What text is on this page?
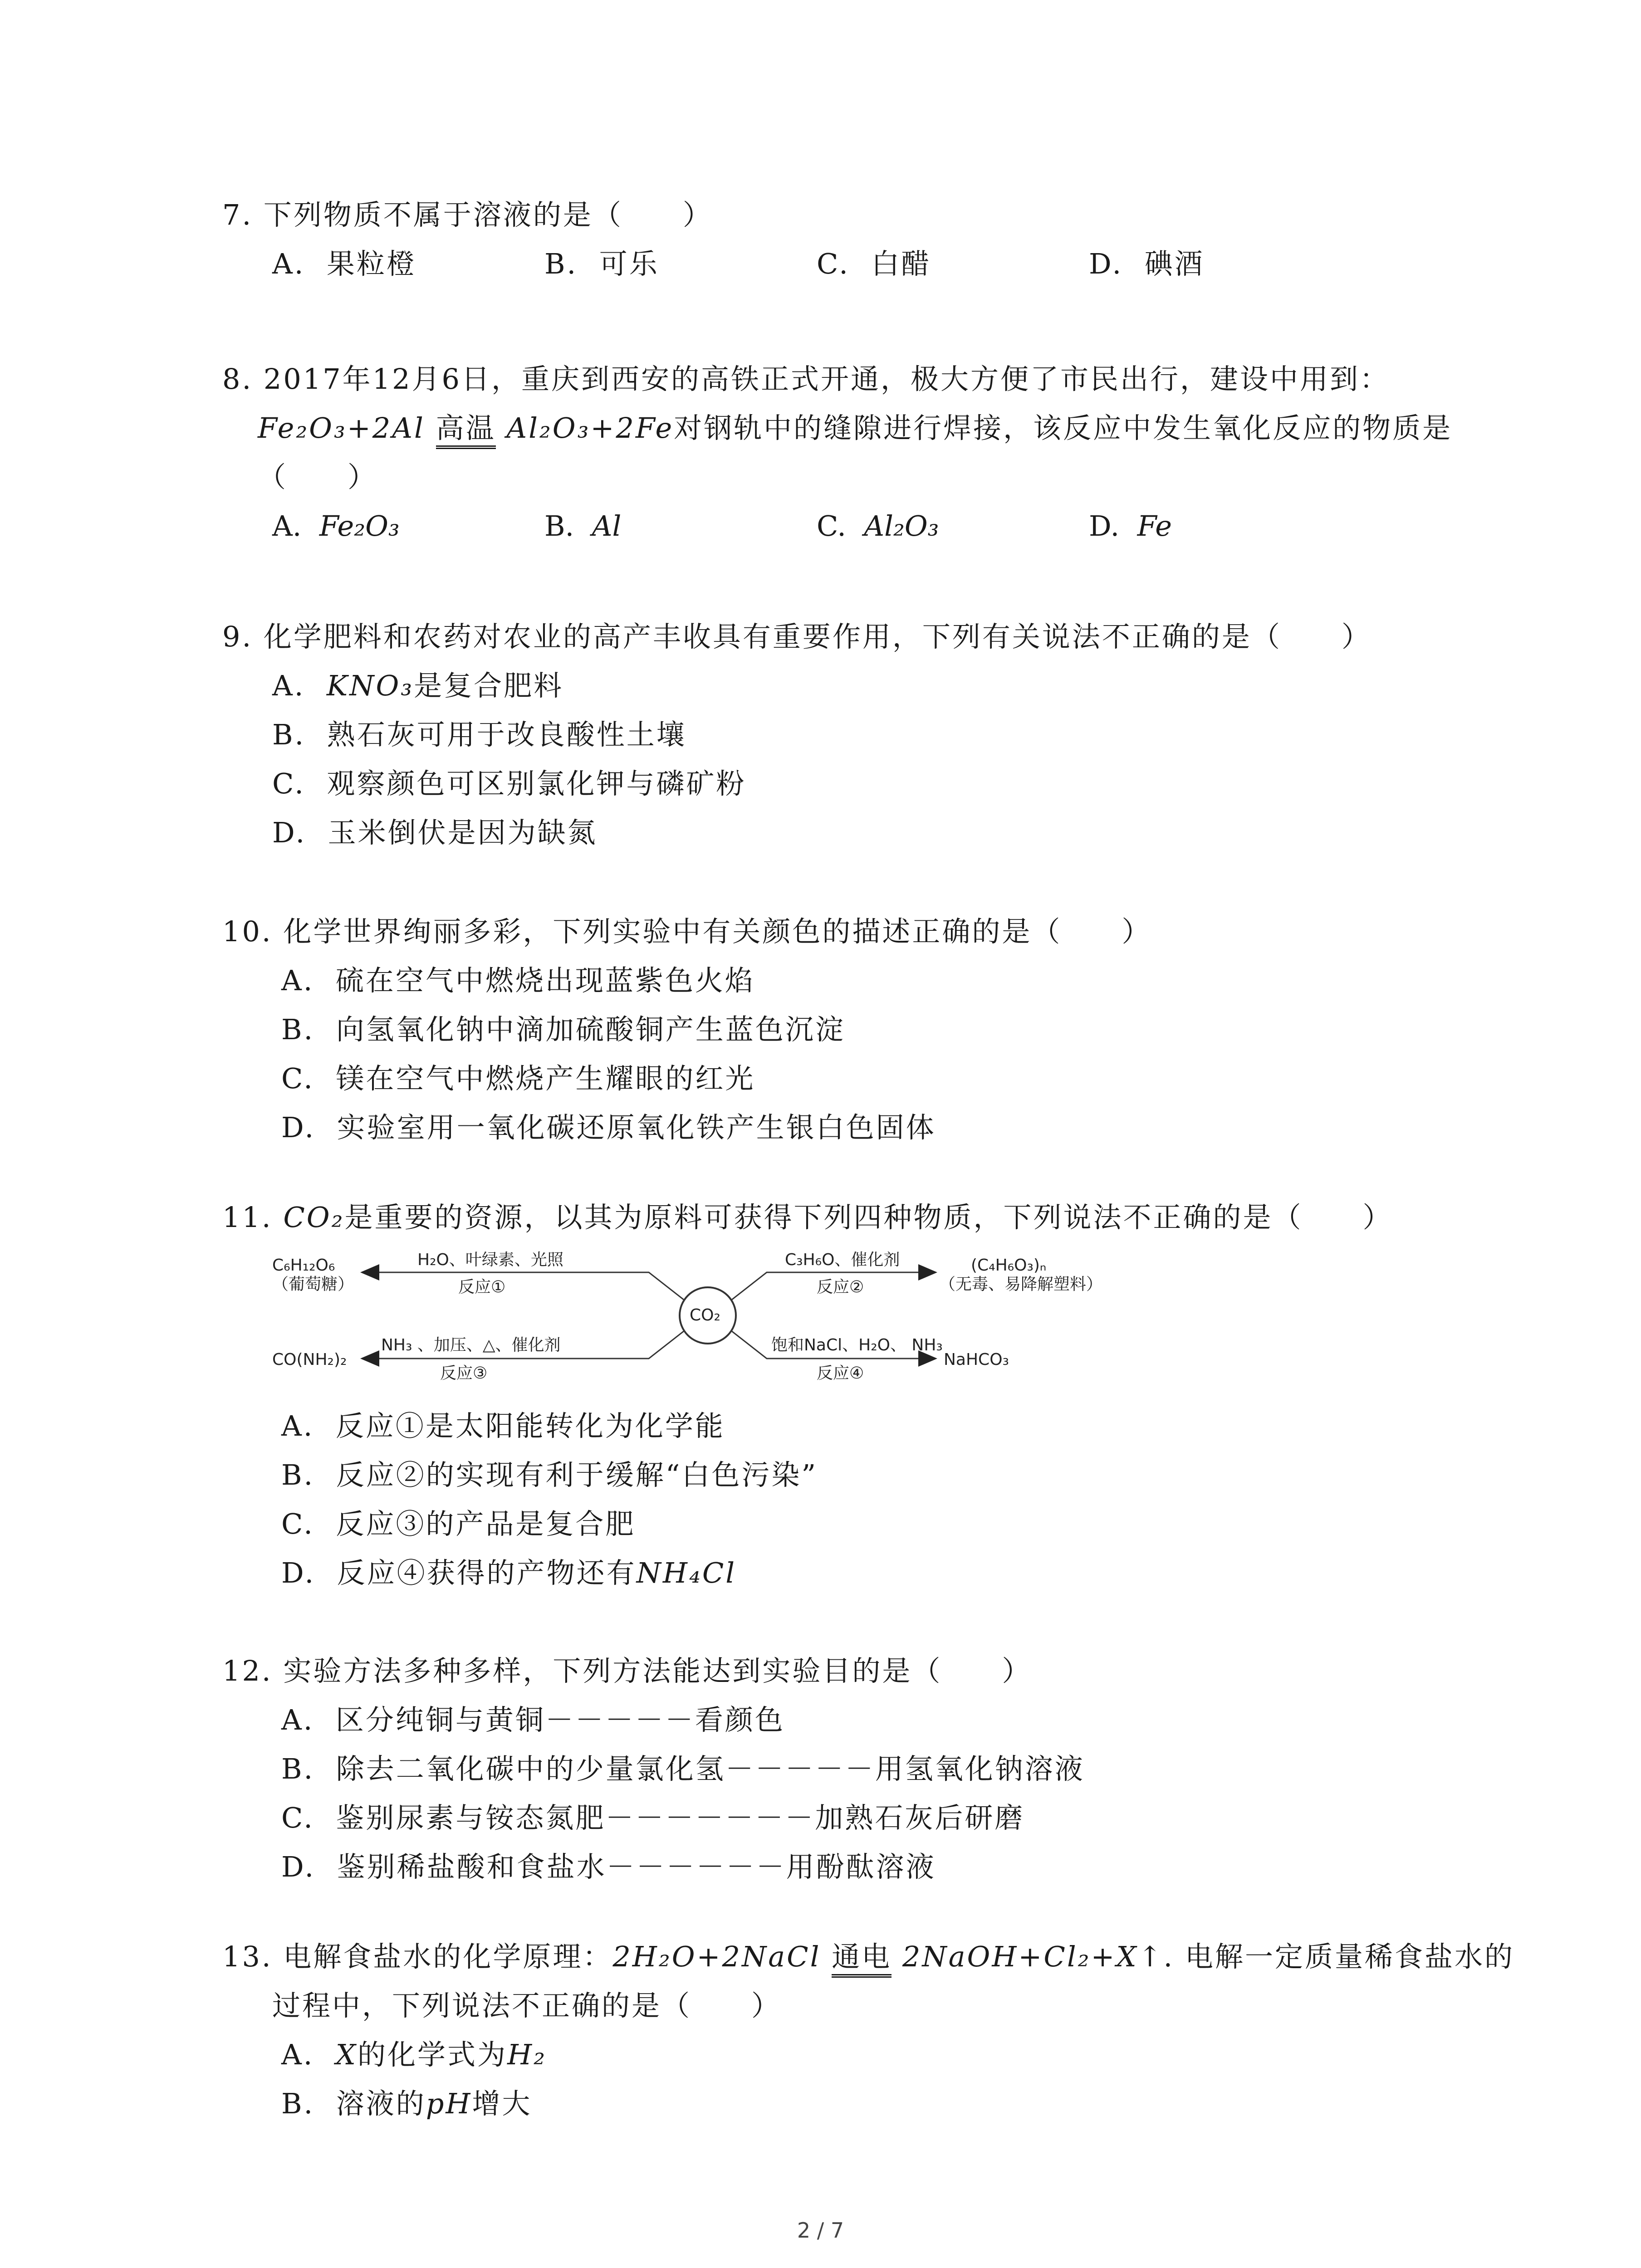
7. 下列物质不属于溶液的是（　　）
A. 果粒橙	B. 可乐	C. 白醋	D. 碘酒
8. 2017年12月6日，重庆到西安的高铁正式开通，极大方便了市民出行，建设中用到：
Fe₂O₃+2Al 高温 Al₂O₃+2Fe对钢轨中的缝隙进行焊接，该反应中发生氧化反应的物质是（　　）
A. Fe₂O₃	B. Al	C. Al₂O₃	D. Fe
9. 化学肥料和农药对农业的高产丰收具有重要作用，下列有关说法不正确的是（　　）
A. KNO₃是复合肥料
B. 熟石灰可用于改良酸性土壤
C. 观察颜色可区别氯化钾与磷矿粉
D. 玉米倒伏是因为缺氮
10. 化学世界绚丽多彩，下列实验中有关颜色的描述正确的是（　　）
A. 硫在空气中燃烧出现蓝紫色火焰
B. 向氢氧化钠中滴加硫酸铜产生蓝色沉淀
C. 镁在空气中燃烧产生耀眼的红光
D. 实验室用一氧化碳还原氧化铁产生银白色固体
11. CO₂是重要的资源，以其为原料可获得下列四种物质，下列说法不正确的是（　　）
CO₂
C₆H₁₂O₆
（葡萄糖）
H₂O、叶绿素、光照
反应①
C₃H₆O、催化剂
反应②
(C₄H₆O₃)ₙ
（无毒、易降解塑料）
CO(NH₂)₂
NH₃ 、加压、△、催化剂
反应③
饱和NaCl、H₂O、 NH₃
反应④
NaHCO₃
A. 反应①是太阳能转化为化学能
B. 反应②的实现有利于缓解“白色污染”
C. 反应③的产品是复合肥
D. 反应④获得的产物还有NH₄Cl
12. 实验方法多种多样，下列方法能达到实验目的是（　　）
A. 区分纯铜与黄铜－－－－－看颜色
B. 除去二氧化碳中的少量氯化氢－－－－－用氢氧化钠溶液
C. 鉴别尿素与铵态氮肥－－－－－－－加熟石灰后研磨
D. 鉴别稀盐酸和食盐水－－－－－－用酚酞溶液
13. 电解食盐水的化学原理：2H₂O+2NaCl 通电 2NaOH+Cl₂+X↑. 电解一定质量稀食盐水的
过程中，下列说法不正确的是（　　）
A. X的化学式为H₂
B. 溶液的pH增大
2 / 7
